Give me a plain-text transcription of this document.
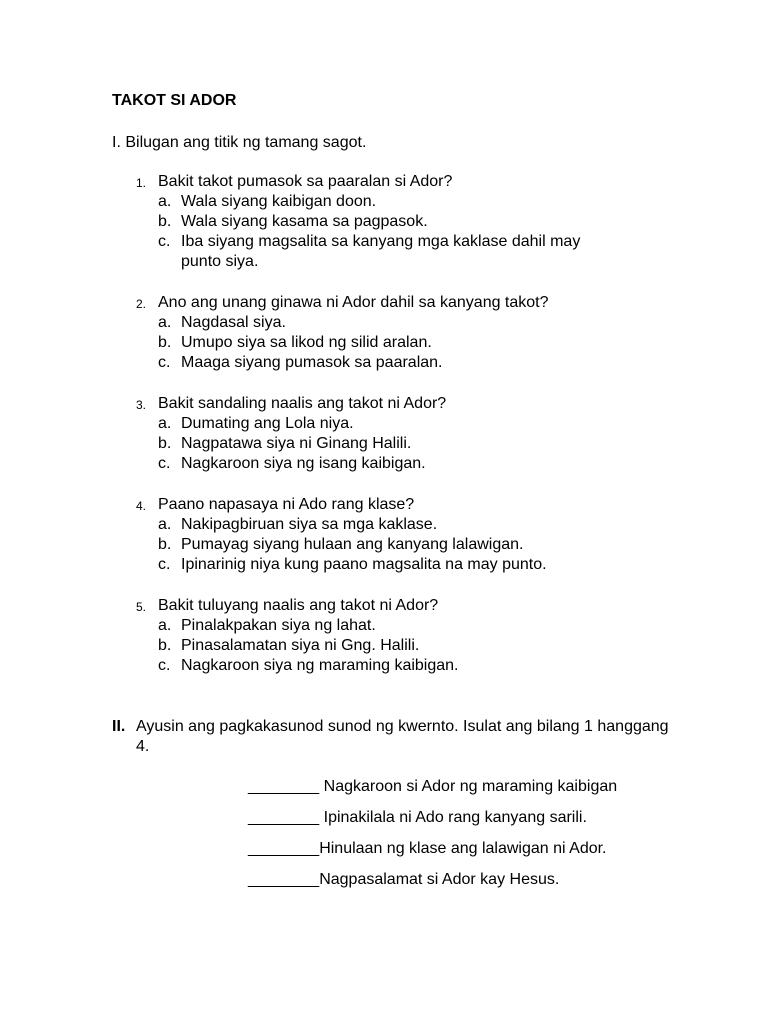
TAKOT SI ADOR
I. Bilugan ang titik ng tamang sagot.
1. Bakit takot pumasok sa paaralan si Ador?
a. Wala siyang kaibigan doon.
b. Wala siyang kasama sa pagpasok.
c. Iba siyang magsalita sa kanyang mga kaklase dahil may punto siya.
2. Ano ang unang ginawa ni Ador dahil sa kanyang takot?
a. Nagdasal siya.
b. Umupo siya sa likod ng silid aralan.
c. Maaga siyang pumasok sa paaralan.
3. Bakit sandaling naalis ang takot ni Ador?
a. Dumating ang Lola niya.
b. Nagpatawa siya ni Ginang Halili.
c. Nagkaroon siya ng isang kaibigan.
4. Paano napasaya ni Ado rang klase?
a. Nakipagbiruan siya sa mga kaklase.
b. Pumayag siyang hulaan ang kanyang lalawigan.
c. Ipinarinig niya kung paano magsalita na may punto.
5. Bakit tuluyang naalis ang takot ni Ador?
a. Pinalakpakan siya ng lahat.
b. Pinasalamatan siya ni Gng. Halili.
c. Nagkaroon siya ng maraming kaibigan.
II. Ayusin ang pagkakasunod sunod ng kwernto. Isulat ang bilang 1 hanggang 4.
________ Nagkaroon si Ador ng maraming kaibigan
________ Ipinakilala ni Ado rang kanyang sarili.
________Hinulaan ng klase ang lalawigan ni Ador.
________Nagpasalamat si Ador kay Hesus.
